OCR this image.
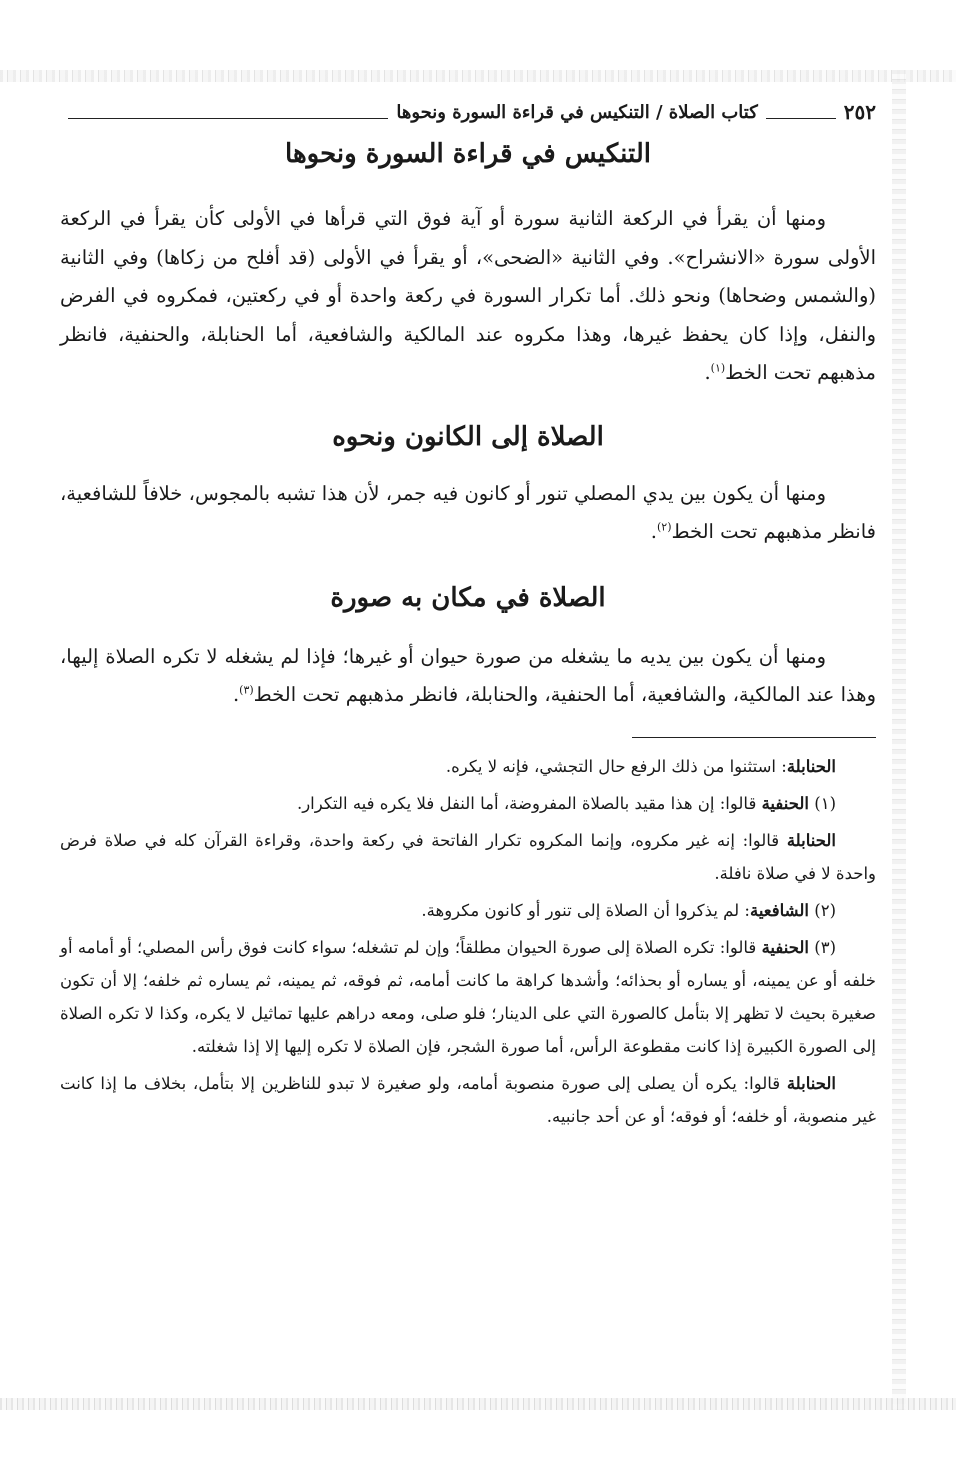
٢٥٢
كتاب الصلاة / التنكيس في قراءة السورة ونحوها
التنكيس في قراءة السورة ونحوها

ومنها أن يقرأ في الركعة الثانية سورة أو آية فوق التي قرأها في الأولى كأن يقرأ في الركعة الأولى سورة «الانشراح». وفي الثانية «الضحى»، أو يقرأ في الأولى (قد أفلح من زكاها) وفي الثانية (والشمس وضحاها) ونحو ذلك. أما تكرار السورة في ركعة واحدة أو في ركعتين، فمكروه في الفرض والنفل، وإذا كان يحفظ غيرها، وهذا مكروه عند المالكية والشافعية، أما الحنابلة، والحنفية، فانظر مذهبهم تحت الخط$^{(١)}$.

الصلاة إلى الكانون ونحوه

ومنها أن يكون بين يدي المصلي تنور أو كانون فيه جمر، لأن هذا تشبه بالمجوس، خلافاً للشافعية، فانظر مذهبهم تحت الخط$^{(٢)}$.

الصلاة في مكان به صورة

ومنها أن يكون بين يديه ما يشغله من صورة حيوان أو غيرها؛ فإذا لم يشغله لا تكره الصلاة إليها، وهذا عند المالكية، والشافعية، أما الحنفية، والحنابلة، فانظر مذهبهم تحت الخط$^{(٣)}$.

الحنابلة: استثنوا من ذلك الرفع حال التجشي، فإنه لا يكره.

(١) الحنفية قالوا: إن هذا مقيد بالصلاة المفروضة، أما النفل فلا يكره فيه التكرار.

الحنابلة قالوا: إنه غير مكروه، وإنما المكروه تكرار الفاتحة في ركعة واحدة، وقراءة القرآن كله في صلاة فرض واحدة لا في صلاة نافلة.

(٢) الشافعية: لم يذكروا أن الصلاة إلى تنور أو كانون مكروهة.

(٣) الحنفية قالوا: تكره الصلاة إلى صورة الحيوان مطلقاً؛ وإن لم تشغله؛ سواء كانت فوق رأس المصلي؛ أو أمامه أو خلفه أو عن يمينه، أو يساره أو بحذائه؛ وأشدها كراهة ما كانت أمامه، ثم فوقه، ثم يمينه، ثم يساره ثم خلفه؛ إلا أن تكون صغيرة بحيث لا تظهر إلا بتأمل كالصورة التي على الدينار؛ فلو صلى، ومعه دراهم عليها تماثيل لا يكره، وكذا لا تكره الصلاة إلى الصورة الكبيرة إذا كانت مقطوعة الرأس، أما صورة الشجر، فإن الصلاة لا تكره إليها إلا إذا شغلته.

الحنابلة قالوا: يكره أن يصلى إلى صورة منصوبة أمامه، ولو صغيرة لا تبدو للناظرين إلا بتأمل، بخلاف ما إذا كانت غير منصوبة، أو خلفه؛ أو فوقه؛ أو عن أحد جانبيه.
